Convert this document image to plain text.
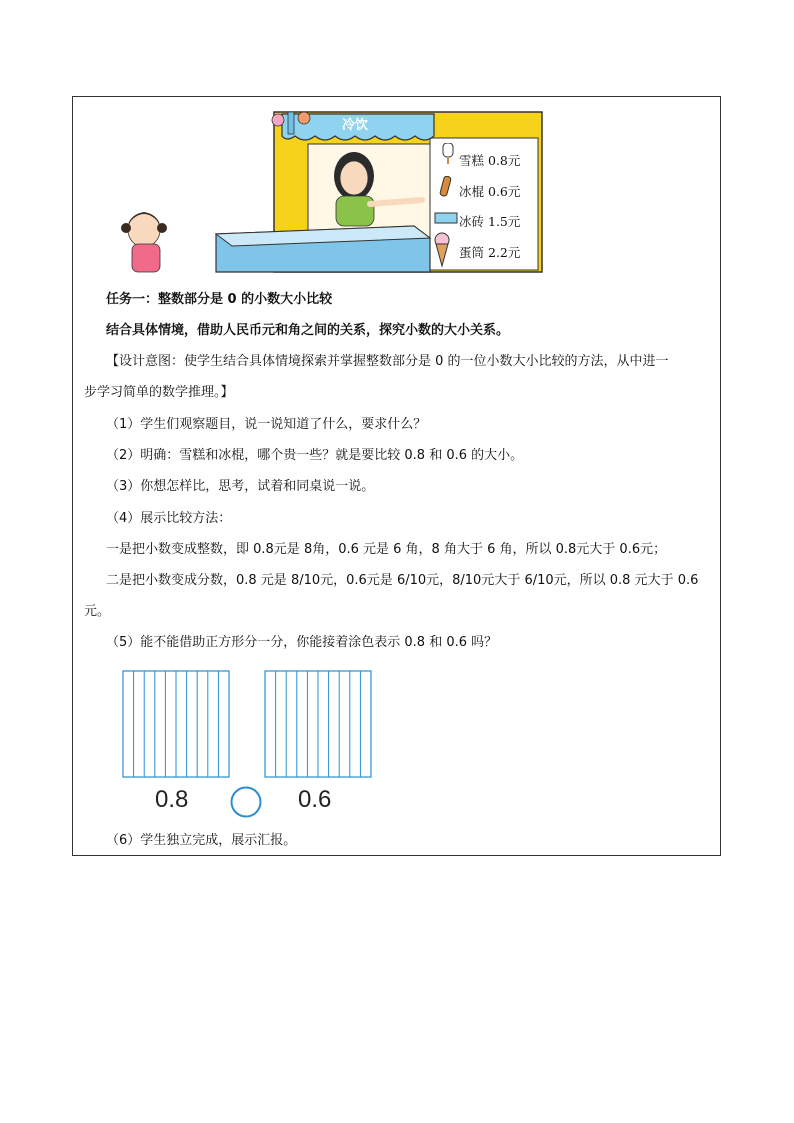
冷饮
雪糕 0.8元
冰棍 0.6元
冰砖 1.5元
蛋筒 2.2元
任务一：整数部分是 0 的小数大小比较
结合具体情境，借助人民币元和角之间的关系，探究小数的大小关系。
【设计意图：使学生结合具体情境探索并掌握整数部分是 0 的一位小数大小比较的方法，从中进一
步学习简单的数学推理。】
（1）学生们观察题目，说一说知道了什么，要求什么？
（2）明确：雪糕和冰棍，哪个贵一些？就是要比较 0.8 和 0.6 的大小。
（3）你想怎样比，思考，试着和同桌说一说。
（4）展示比较方法：
一是把小数变成整数，即 0.8元是 8角，0.6 元是 6 角，8 角大于 6 角，所以 0.8元大于 0.6元；
二是把小数变成分数，0.8 元是 8/10元，0.6元是 6/10元，8/10元大于 6/10元，所以 0.8 元大于 0.6
元。
（5）能不能借助正方形分一分，你能接着涂色表示 0.8 和 0.6 吗？
0.8	0.6
（6）学生独立完成，展示汇报。
